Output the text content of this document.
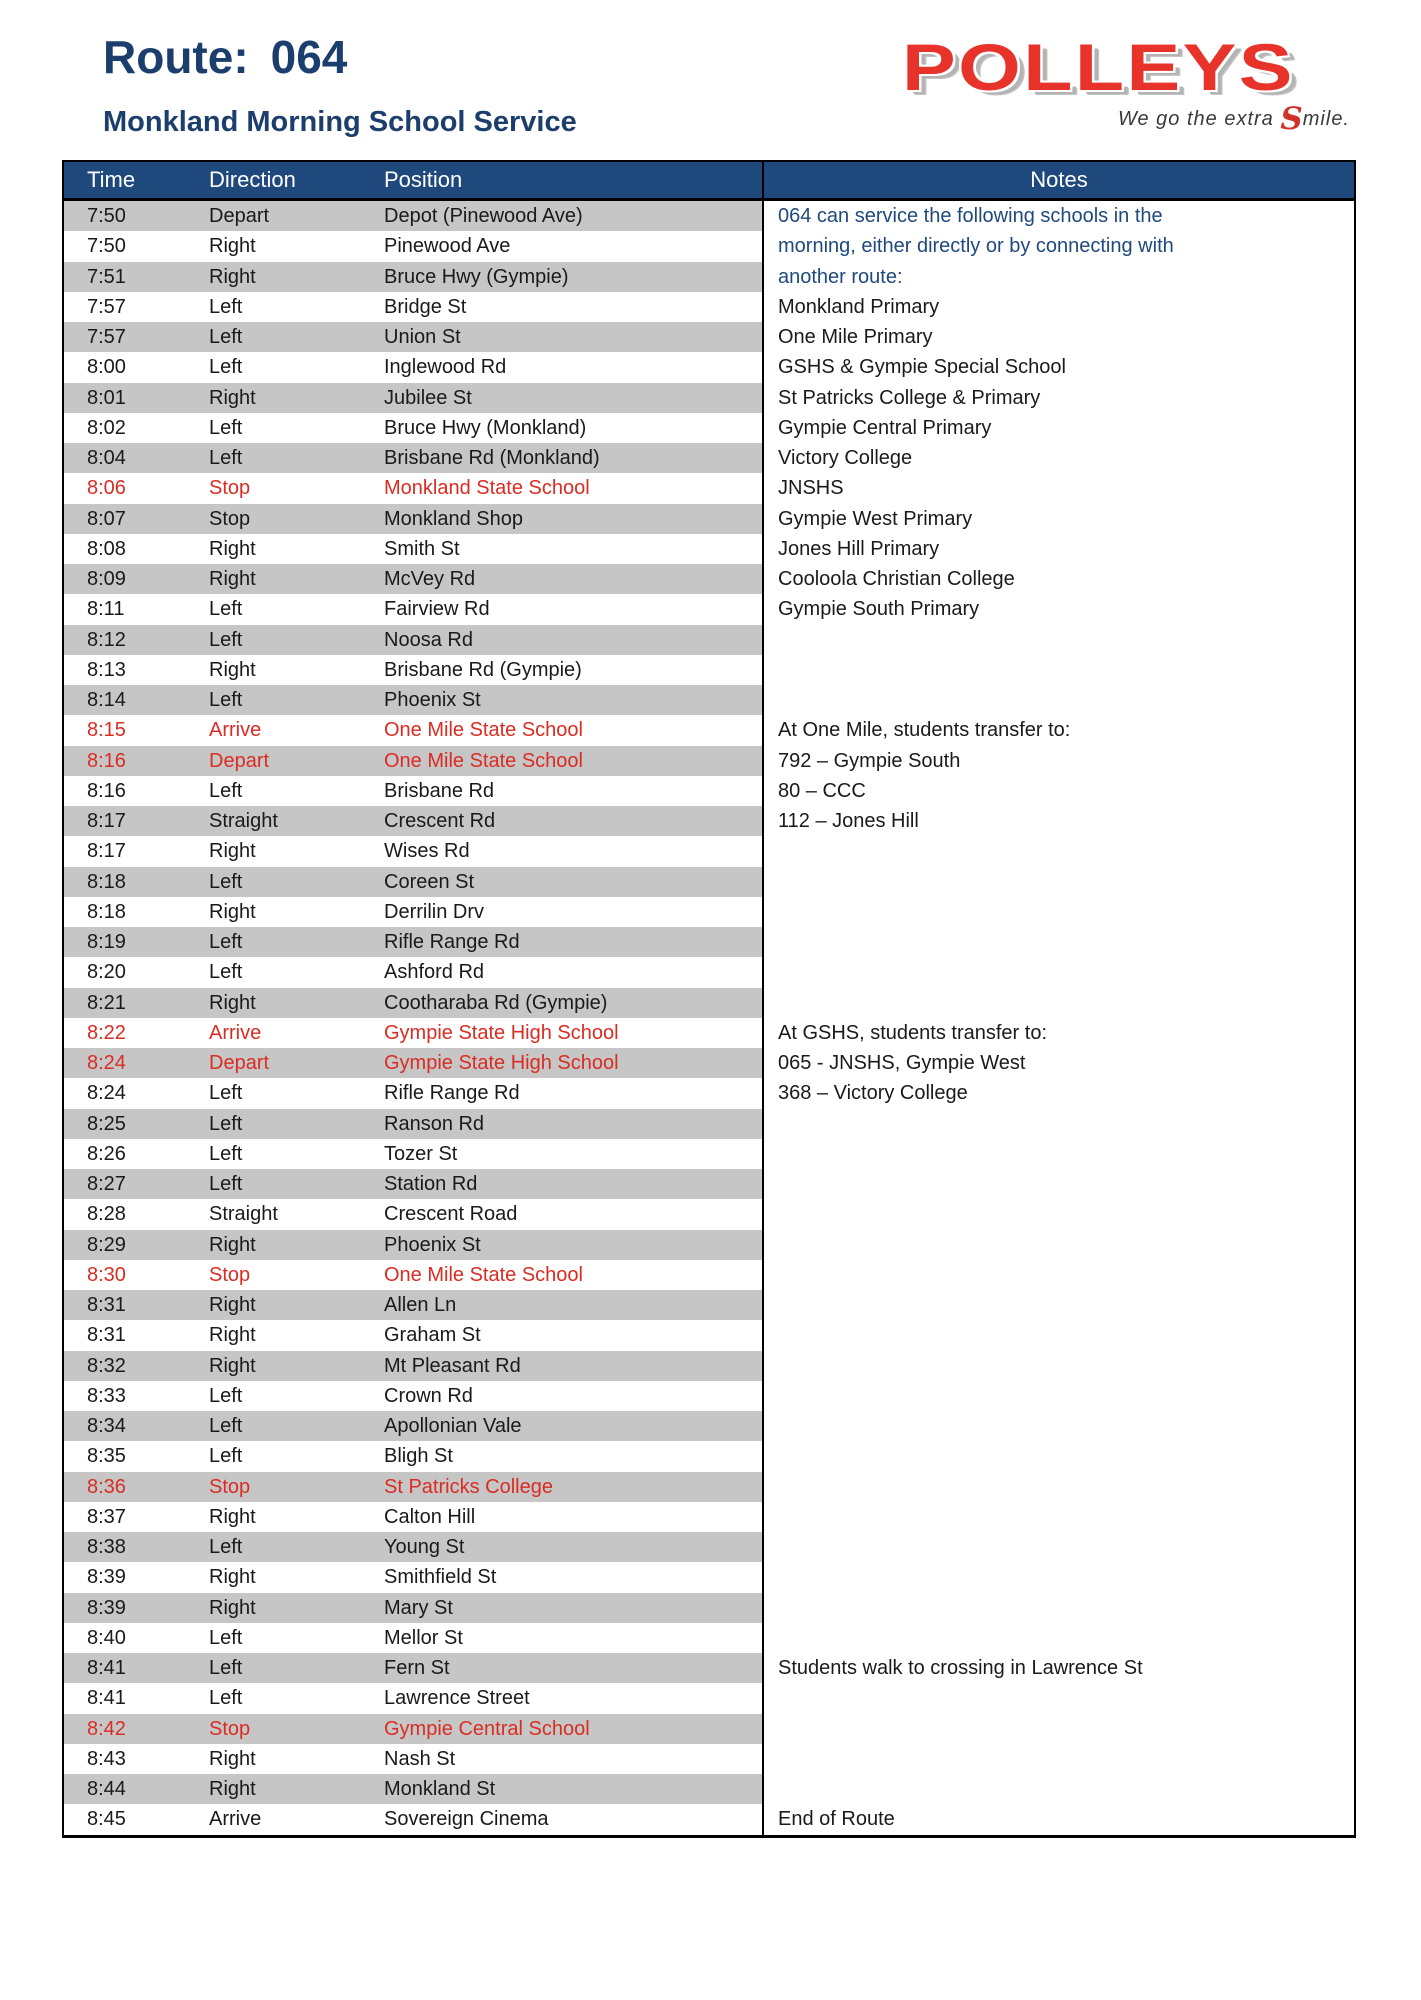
Route: 064
Monkland Morning School Service
POLLEYS
We go the extra Smile.
Time	Direction	Position	Notes
7:50	Depart	Depot (Pinewood Ave)	064 can service the following schools in the
7:50	Right	Pinewood Ave	morning, either directly or by connecting with
7:51	Right	Bruce Hwy (Gympie)	another route:
7:57	Left	Bridge St	Monkland Primary
7:57	Left	Union St	One Mile Primary
8:00	Left	Inglewood Rd	GSHS & Gympie Special School
8:01	Right	Jubilee St	St Patricks College & Primary
8:02	Left	Bruce Hwy (Monkland)	Gympie Central Primary
8:04	Left	Brisbane Rd (Monkland)	Victory College
8:06	Stop	Monkland State School	JNSHS
8:07	Stop	Monkland Shop	Gympie West Primary
8:08	Right	Smith St	Jones Hill Primary
8:09	Right	McVey Rd	Cooloola Christian College
8:11	Left	Fairview Rd	Gympie South Primary
8:12	Left	Noosa Rd
8:13	Right	Brisbane Rd (Gympie)
8:14	Left	Phoenix St
8:15	Arrive	One Mile State School	At One Mile, students transfer to:
8:16	Depart	One Mile State School	792 – Gympie South
8:16	Left	Brisbane Rd	80 – CCC
8:17	Straight	Crescent Rd	112 – Jones Hill
8:17	Right	Wises Rd
8:18	Left	Coreen St
8:18	Right	Derrilin Drv
8:19	Left	Rifle Range Rd
8:20	Left	Ashford Rd
8:21	Right	Cootharaba Rd (Gympie)
8:22	Arrive	Gympie State High School	At GSHS, students transfer to:
8:24	Depart	Gympie State High School	065 - JNSHS, Gympie West
8:24	Left	Rifle Range Rd	368 – Victory College
8:25	Left	Ranson Rd
8:26	Left	Tozer St
8:27	Left	Station Rd
8:28	Straight	Crescent Road
8:29	Right	Phoenix St
8:30	Stop	One Mile State School
8:31	Right	Allen Ln
8:31	Right	Graham St
8:32	Right	Mt Pleasant Rd
8:33	Left	Crown Rd
8:34	Left	Apollonian Vale
8:35	Left	Bligh St
8:36	Stop	St Patricks College
8:37	Right	Calton Hill
8:38	Left	Young St
8:39	Right	Smithfield St
8:39	Right	Mary St
8:40	Left	Mellor St
8:41	Left	Fern St	Students walk to crossing in Lawrence St
8:41	Left	Lawrence Street
8:42	Stop	Gympie Central School
8:43	Right	Nash St
8:44	Right	Monkland St
8:45	Arrive	Sovereign Cinema	End of Route
